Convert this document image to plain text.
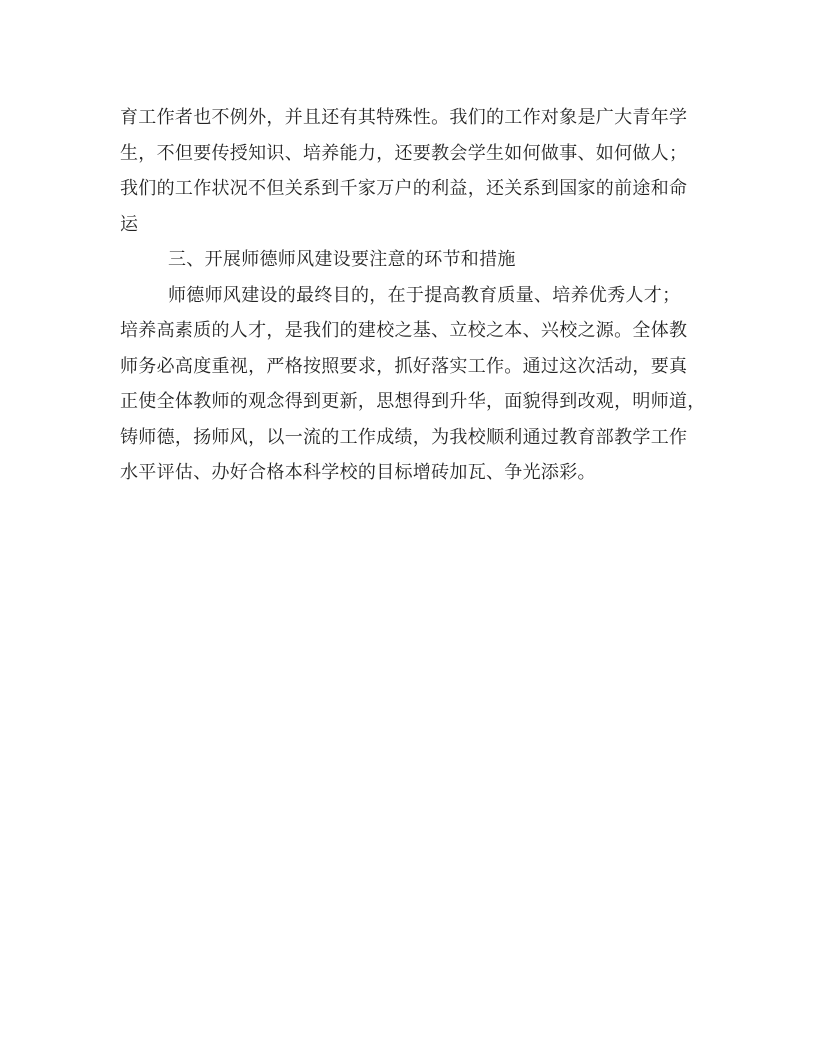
育工作者也不例外，并且还有其特殊性。我们的工作对象是广大青年学
生，不但要传授知识、培养能力，还要教会学生如何做事、如何做人；
我们的工作状况不但关系到千家万户的利益，还关系到国家的前途和命
运
三、开展师德师风建设要注意的环节和措施
师德师风建设的最终目的，在于提高教育质量、培养优秀人才；
培养高素质的人才，是我们的建校之基、立校之本、兴校之源。全体教
师务必高度重视，严格按照要求，抓好落实工作。通过这次活动，要真
正使全体教师的观念得到更新，思想得到升华，面貌得到改观，明师道，
铸师德，扬师风，以一流的工作成绩，为我校顺利通过教育部教学工作
水平评估、办好合格本科学校的目标增砖加瓦、争光添彩。
